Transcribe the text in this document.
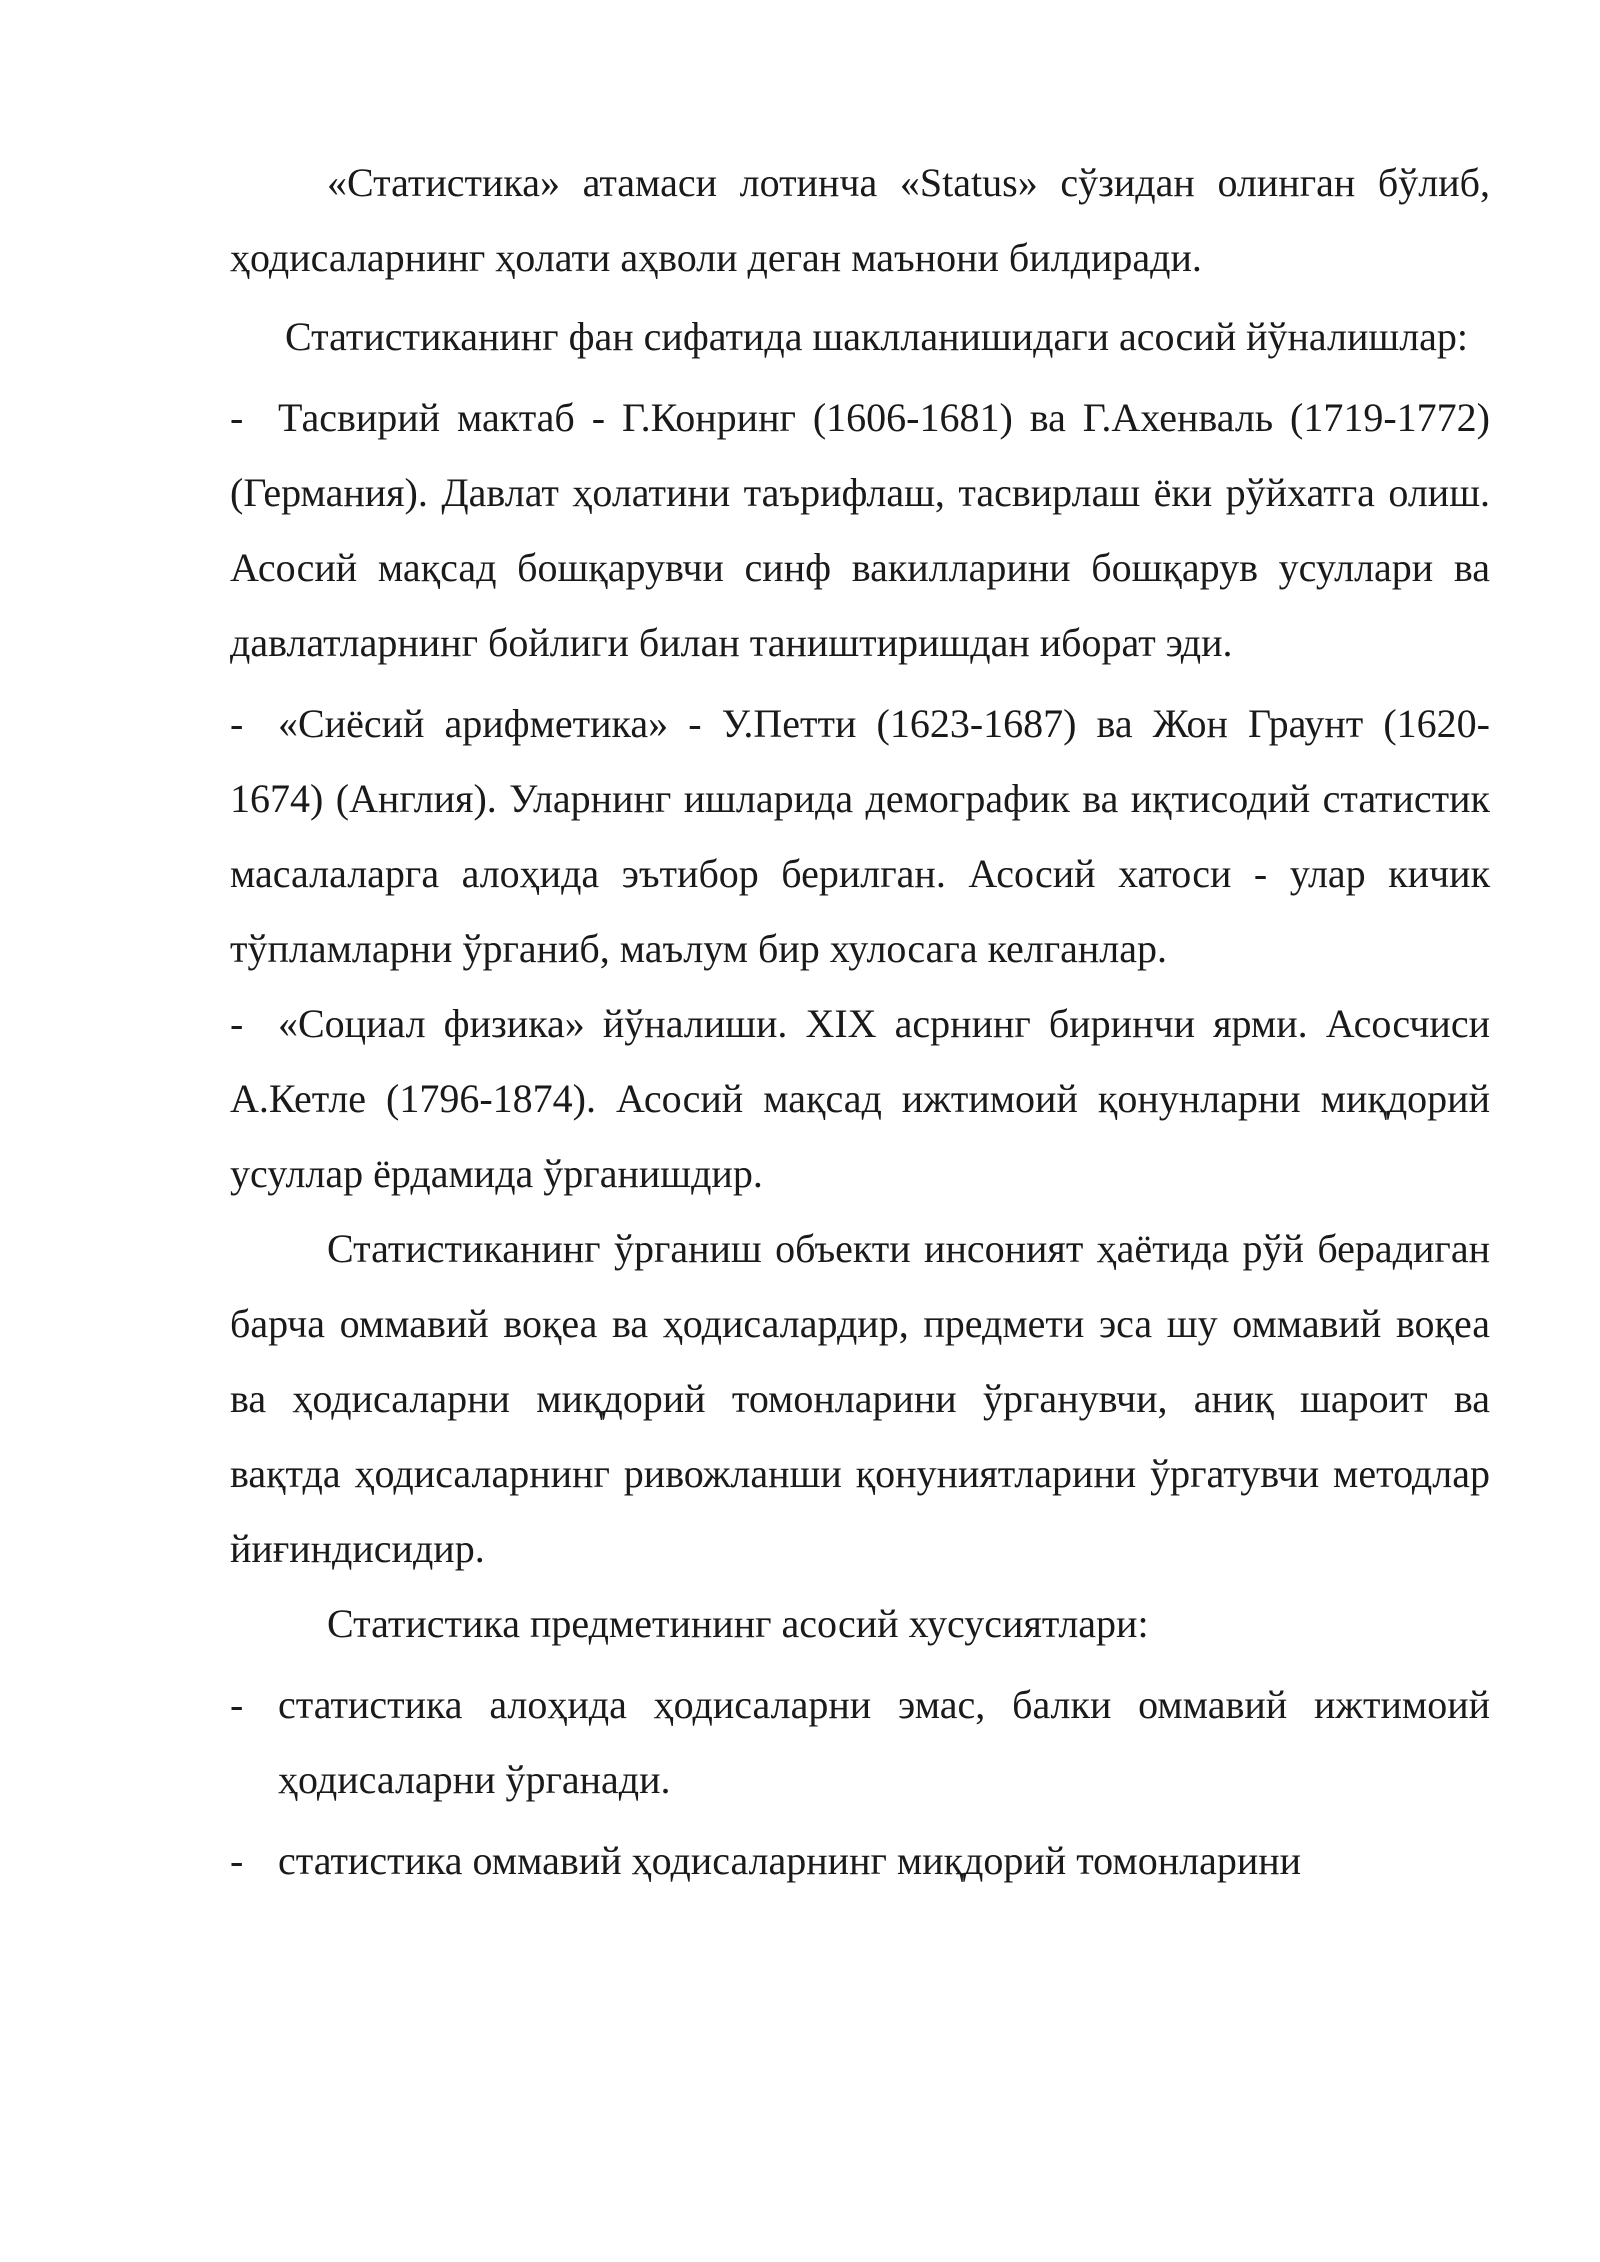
«Статистика» атамаси лотинча «Status» сўзидан олинган бўлиб, ҳодисаларнинг ҳолати аҳволи деган маънони билдиради.

Статистиканинг фан сифатида шаклланишидаги асосий йўналишлар:

- Тасвирий мактаб - Г.Конринг (1606-1681) ва Г.Ахенваль (1719-1772) (Германия). Давлат ҳолатини таърифлаш, тасвирлаш ёки рўйхатга олиш. Асосий мақсад бошқарувчи синф вакилларини бошқарув усуллари ва давлатларнинг бойлиги билан таништиришдан иборат эди.

- «Сиёсий арифметика» - У.Петти (1623-1687) ва Жон Граунт (1620-1674) (Англия). Уларнинг ишларида демографик ва иқтисодий статистик масалаларга алоҳида эътибор берилган. Асосий хатоси - улар кичик тўпламларни ўрганиб, маълум бир хулосага келганлар.

- «Социал физика» йўналиши. XIX асрнинг биринчи ярми. Асосчиси А.Кетле (1796-1874). Асосий мақсад ижтимоий қонунларни миқдорий усуллар ёрдамида ўрганишдир.

Статистиканинг ўрганиш объекти инсоният ҳаётида рўй берадиган барча оммавий воқеа ва ҳодисалардир, предмети эса шу оммавий воқеа ва ҳодисаларни миқдорий томонларини ўрганувчи, аниқ шароит ва вақтда ҳодисаларнинг ривожланши қонуниятларини ўргатувчи методлар йиғиндисидир.

Статистика предметининг асосий хусусиятлари:

- статистика алоҳида ҳодисаларни эмас, балки оммавий ижтимоий ҳодисаларни ўрганади.
- статистика оммавий ҳодисаларнинг миқдорий томонларини
